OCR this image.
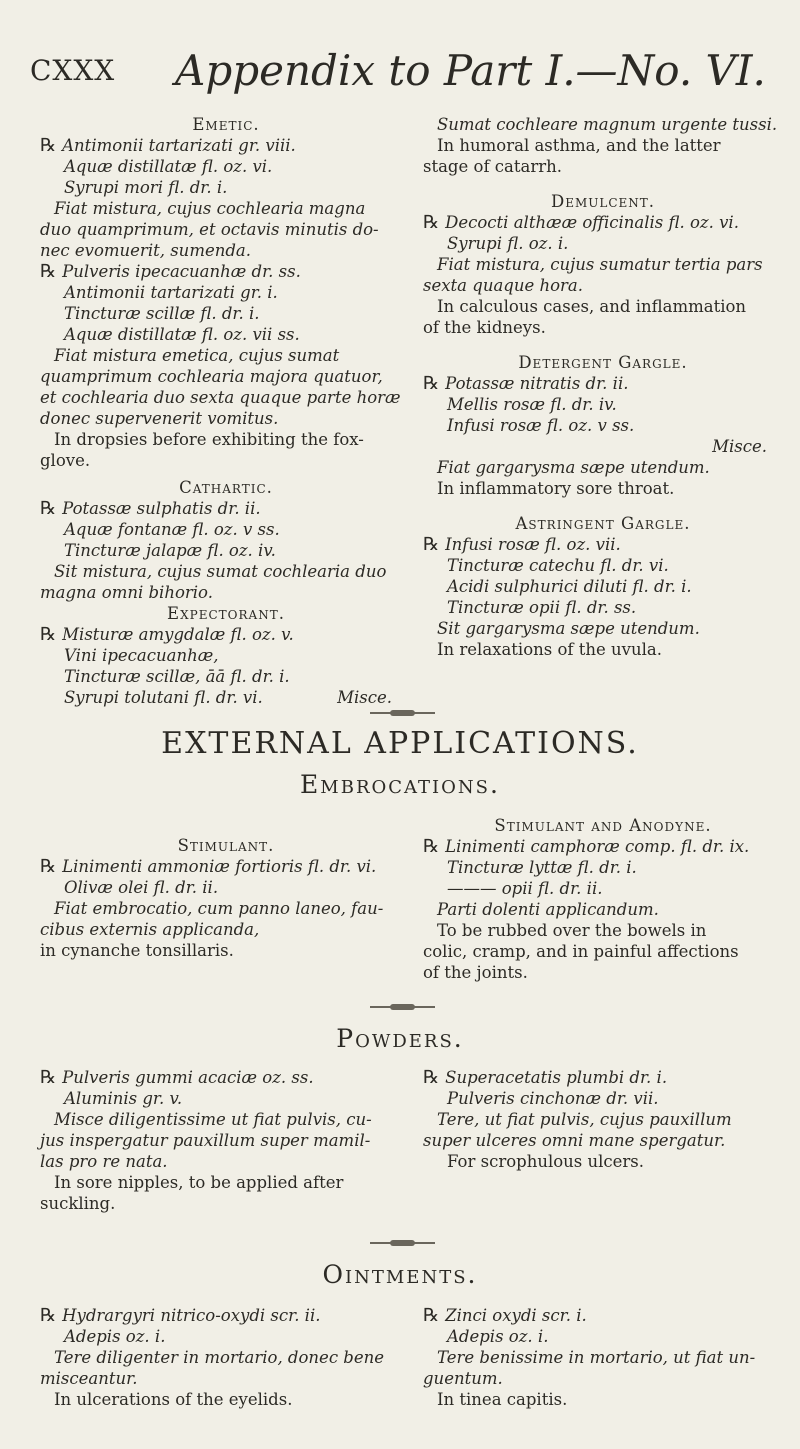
CXXX Appendix to Part I.—No. VI.

Emetic.

℞ Antimonii tartarizati gr. viii.

Aquæ distillatæ fl. oz. vi.

Syrupi mori fl. dr. i.

Fiat mistura, cujus cochlearia magna

duo quamprimum, et octavis minutis do-

nec evomuerit, sumenda.

℞ Pulveris ipecacuanhæ dr. ss.

Antimonii tartarizati gr. i.

Tincturæ scillæ fl. dr. i.

Aquæ distillatæ fl. oz. vii ss.

Fiat mistura emetica, cujus sumat

quamprimum cochlearia majora quatuor,

et cochlearia duo sexta quaque parte horæ

donec supervenerit vomitus.

In dropsies before exhibiting the fox-

glove.

Cathartic.

℞ Potassæ sulphatis dr. ii.

Aquæ fontanæ fl. oz. v ss.

Tincturæ jalapæ fl. oz. iv.

Sit mistura, cujus sumat cochlearia duo

magna omni bihorio.

Expectorant.

℞ Misturæ amygdalæ fl. oz. v.

Vini ipecacuanhæ,

Tincturæ scillæ, āā fl. dr. i.

Syrupi tolutani fl. dr. vi.	Misce.

Sumat cochleare magnum urgente tussi.

In humoral asthma, and the latter

stage of catarrh.

Demulcent.

℞ Decocti althææ officinalis fl. oz. vi.

Syrupi fl. oz. i.

Fiat mistura, cujus sumatur tertia pars

sexta quaque hora.

In calculous cases, and inflammation

of the kidneys.

Detergent Gargle.

℞ Potassæ nitratis dr. ii.

Mellis rosæ fl. dr. iv.

Infusi rosæ fl. oz. v ss.

Misce.

Fiat gargarysma sæpe utendum.

In inflammatory sore throat.

Astringent Gargle.

℞ Infusi rosæ fl. oz. vii.

Tincturæ catechu fl. dr. vi.

Acidi sulphurici diluti fl. dr. i.

Tincturæ opii fl. dr. ss.

Sit gargarysma sæpe utendum.

In relaxations of the uvula.

EXTERNAL APPLICATIONS.
Embrocations.

Stimulant.

℞ Linimenti ammoniæ fortioris fl. dr. vi.

Olivæ olei fl. dr. ii.

Fiat embrocatio, cum panno laneo, fau-

cibus externis applicanda,

in cynanche tonsillaris.

Stimulant and Anodyne.

℞ Linimenti camphoræ comp. fl. dr. ix.

Tincturæ lyttæ fl. dr. i.

——— opii fl. dr. ii.

Parti dolenti applicandum.

To be rubbed over the bowels in

colic, cramp, and in painful affections

of the joints.

Powders.

℞ Pulveris gummi acaciæ oz. ss.

Aluminis gr. v.

Misce diligentissime ut fiat pulvis, cu-

jus inspergatur pauxillum super mamil-

las pro re nata.

In sore nipples, to be applied after

suckling.

℞ Superacetatis plumbi dr. i.

Pulveris cinchonæ dr. vii.

Tere, ut fiat pulvis, cujus pauxillum

super ulceres omni mane spergatur.

For scrophulous ulcers.

Ointments.

℞ Hydrargyri nitrico-oxydi scr. ii.

Adepis oz. i.

Tere diligenter in mortario, donec bene

misceantur.

In ulcerations of the eyelids.

℞ Zinci oxydi scr. i.

Adepis oz. i.

Tere benissime in mortario, ut fiat un-

guentum.

In tinea capitis.
